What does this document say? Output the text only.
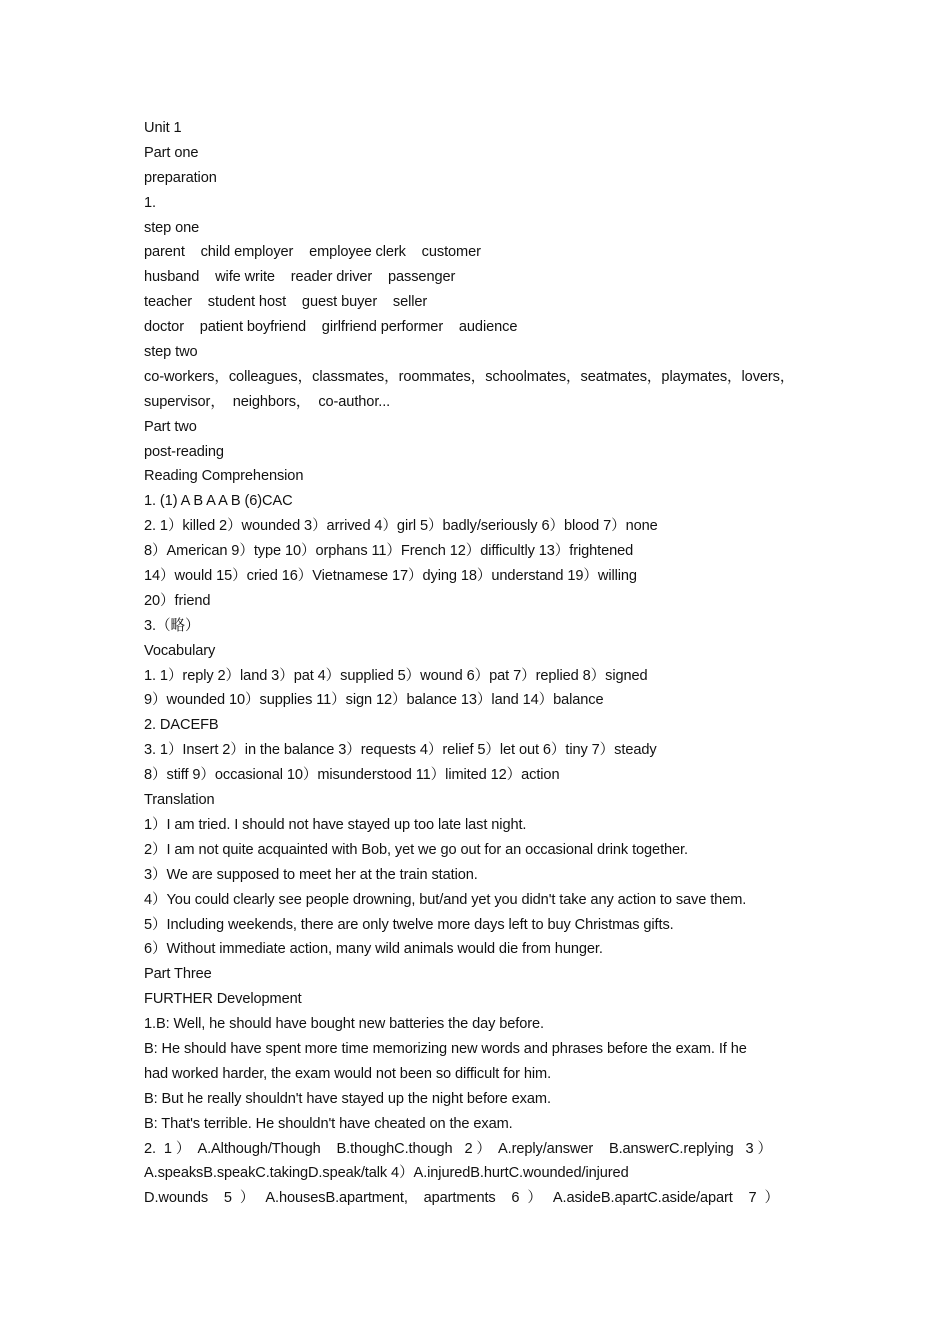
Unit 1
Part one
preparation
1.
step one
parent    child employer    employee clerk    customer
husband    wife write    reader driver    passenger
teacher    student host    guest buyer    seller
doctor    patient boyfriend    girlfriend performer    audience
step two
co-workers，colleagues，classmates，roommates，schoolmates，seatmates，playmates，lovers，
supervisor，  neighbors，  co-author...
Part two
post-reading
Reading Comprehension
1. (1) A B A A B (6)CAC
2. 1）killed 2）wounded 3）arrived 4）girl 5）badly/seriously 6）blood 7）none
8）American 9）type 10）orphans 11）French 12）difficultly 13）frightened
14）would 15）cried 16）Vietnamese 17）dying 18）understand 19）willing
20）friend
3.（略）
Vocabulary
1. 1）reply 2）land 3）pat 4）supplied 5）wound 6）pat 7）replied 8）signed
9）wounded 10）supplies 11）sign 12）balance 13）land 14）balance
2. DACEFB
3. 1）Insert 2）in the balance 3）requests 4）relief 5）let out 6）tiny 7）steady
8）stiff 9）occasional 10）misunderstood 11）limited 12）action
Translation
1）I am tried. I should not have stayed up too late last night.
2）I am not quite acquainted with Bob, yet we go out for an occasional drink together.
3）We are supposed to meet her at the train station.
4）You could clearly see people drowning, but/and yet you didn't take any action to save them.
5）Including weekends, there are only twelve more days left to buy Christmas gifts.
6）Without immediate action, many wild animals would die from hunger.
Part Three
FURTHER Development
1.B: Well, he should have bought new batteries the day before.
B: He should have spent more time memorizing new words and phrases before the exam. If he
had worked harder, the exam would not been so difficult for him.
B: But he really shouldn't have stayed up the night before exam.
B: That's terrible. He shouldn't have cheated on the exam.
2.  1 ）  A.Although/Though    B.thoughC.though   2 ）  A.reply/answer    B.answerC.replying   3 ）
A.speaksB.speakC.takingD.speak/talk 4）A.injuredB.hurtC.wounded/injured
D.wounds    5  ）   A.housesB.apartment,    apartments    6  ）   A.asideB.apartC.aside/apart    7  ）
